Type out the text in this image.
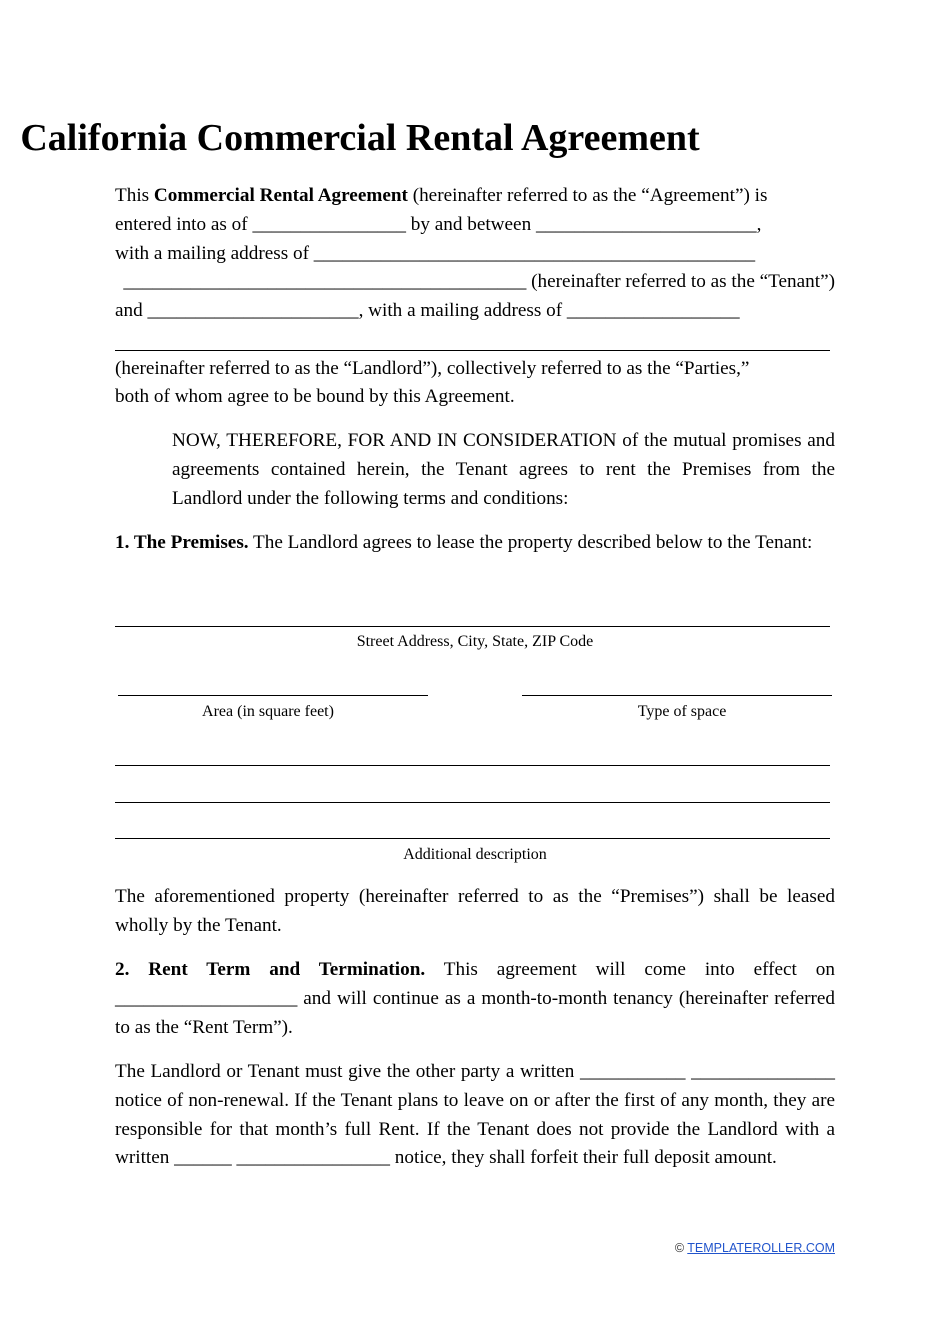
California Commercial Rental Agreement

This Commercial Rental Agreement (hereinafter referred to as the “Agreement”) is

entered into as of ________________ by and between _______________________,

with a mailing address of ______________________________________________

__________________________________________ (hereinafter referred to as the “Tenant”)

and ______________________, with a mailing address of __________________

(hereinafter referred to as the “Landlord”), collectively referred to as the “Parties,”

both of whom agree to be bound by this Agreement.

NOW, THEREFORE, FOR AND IN CONSIDERATION of the mutual promises and agreements contained herein, the Tenant agrees to rent the Premises from the Landlord under the following terms and conditions:

1. The Premises. The Landlord agrees to lease the property described below to the Tenant:

Street Address, City, State, ZIP Code
Area (in square feet)	Type of space
Additional description

The aforementioned property (hereinafter referred to as the “Premises”) shall be leased wholly by the Tenant.

2. Rent Term and Termination. This agreement will come into effect on ___________________ and will continue as a month-to-month tenancy (hereinafter referred to as the “Rent Term”).

The Landlord or Tenant must give the other party a written ___________ _______________ notice of non-renewal. If the Tenant plans to leave on or after the first of any month, they are responsible for that month’s full Rent. If the Tenant does not provide the Landlord with a written ______ ________________ notice, they shall forfeit their full deposit amount.

© TEMPLATEROLLER.COM
